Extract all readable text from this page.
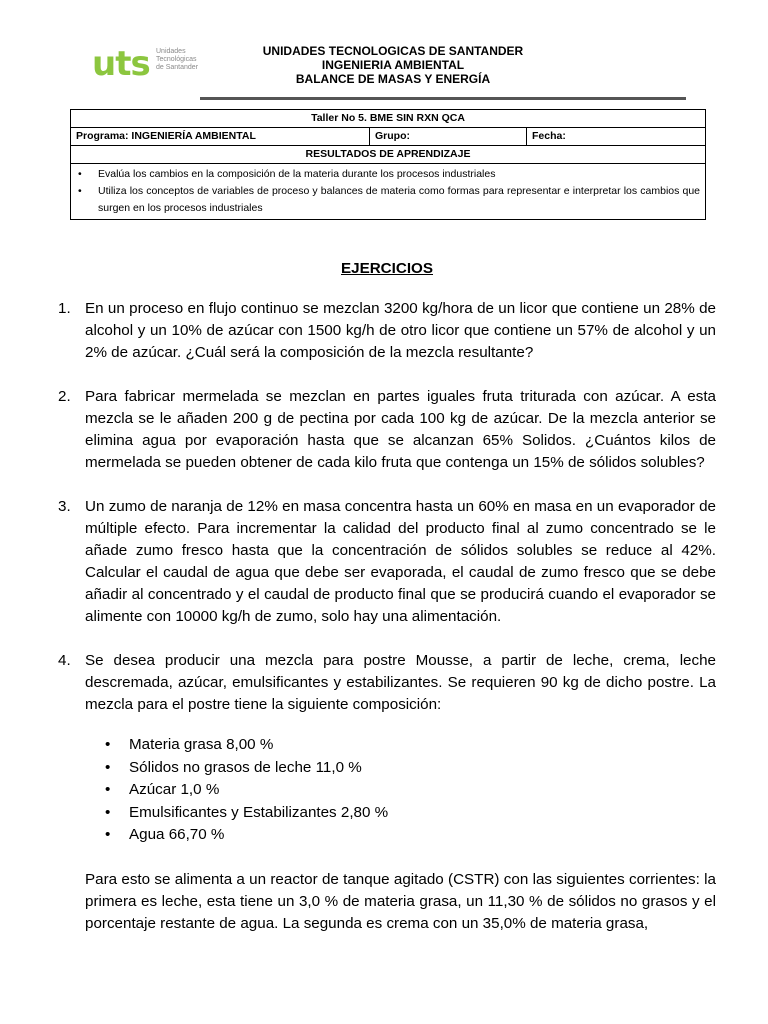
uts Unidades
Tecnológicas
de Santander
UNIDADES TECNOLOGICAS DE SANTANDER
INGENIERIA AMBIENTAL
BALANCE DE MASAS Y ENERGÍA
Taller No 5. BME SIN RXN QCA
Programa: INGENIERÍA AMBIENTAL	Grupo:	Fecha:
RESULTADOS DE APRENDIZAJE

• Evalúa los cambios en la composición de la materia durante los procesos industriales
• Utiliza los conceptos de variables de proceso y balances de materia como formas para representar e interpretar los cambios que surgen en los procesos industriales
EJERCICIOS
1. En un proceso en flujo continuo se mezclan 3200 kg/hora de un licor que contiene un 28% de alcohol y un 10% de azúcar con 1500 kg/h de otro licor que contiene un 57% de alcohol y un 2% de azúcar. ¿Cuál será la composición de la mezcla resultante?
2. Para fabricar mermelada se mezclan en partes iguales fruta triturada con azúcar. A esta mezcla se le añaden 200 g de pectina por cada 100 kg de azúcar. De la mezcla anterior se elimina agua por evaporación hasta que se alcanzan 65% Solidos. ¿Cuántos kilos de mermelada se pueden obtener de cada kilo fruta que contenga un 15% de sólidos solubles?
3. Un zumo de naranja de 12% en masa concentra hasta un 60% en masa en un evaporador de múltiple efecto. Para incrementar la calidad del producto final al zumo concentrado se le añade zumo fresco hasta que la concentración de sólidos solubles se reduce al 42%. Calcular el caudal de agua que debe ser evaporada, el caudal de zumo fresco que se debe añadir al concentrado y el caudal de producto final que se producirá cuando el evaporador se alimente con 10000 kg/h de zumo, solo hay una alimentación.
4. Se desea producir una mezcla para postre Mousse, a partir de leche, crema, leche descremada, azúcar, emulsificantes y estabilizantes. Se requieren 90 kg de dicho postre. La mezcla para el postre tiene la siguiente composición:
• Materia grasa 8,00 %
• Sólidos no grasos de leche 11,0 %
• Azúcar 1,0 %
• Emulsificantes y Estabilizantes 2,80 %
• Agua 66,70 %
Para esto se alimenta a un reactor de tanque agitado (CSTR) con las siguientes corrientes: la primera es leche, esta tiene un 3,0 % de materia grasa, un 11,30 % de sólidos no grasos y el porcentaje restante de agua. La segunda es crema con un 35,0% de materia grasa,
